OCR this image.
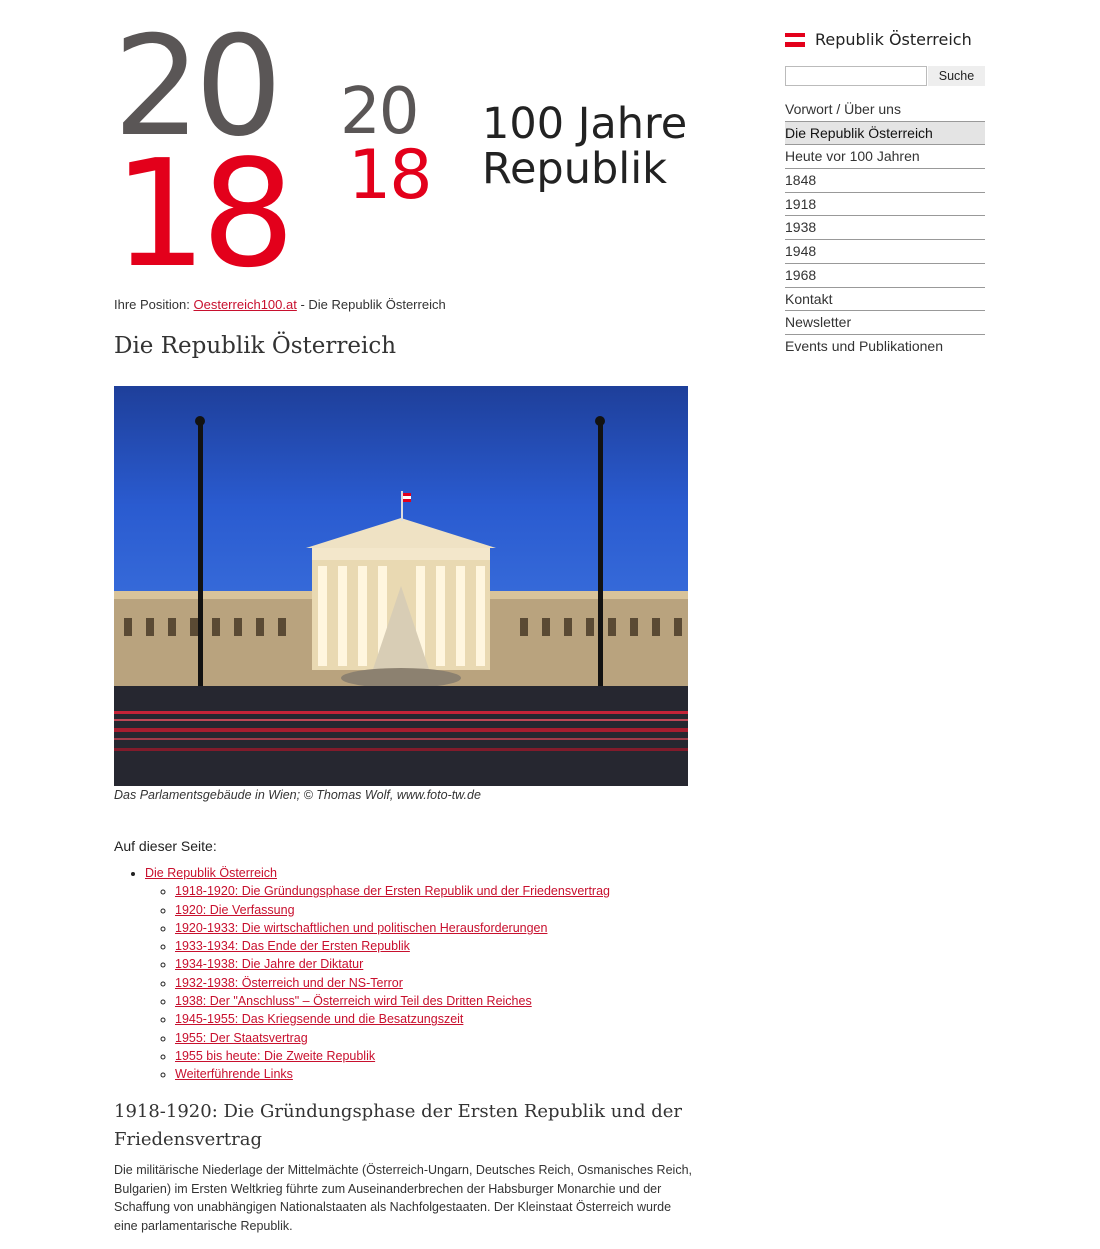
20
18
20
18
100 Jahre
Republik
Ihre Position: Oesterreich100.at - Die Republik Österreich
Die Republik Österreich
Das Parlamentsgebäude in Wien; © Thomas Wolf, www.foto-tw.de
Auf dieser Seite:
• Die Republik Österreich
◦ 1918-1920: Die Gründungsphase der Ersten Republik und der Friedensvertrag
◦ 1920: Die Verfassung
◦ 1920-1933: Die wirtschaftlichen und politischen Herausforderungen
◦ 1933-1934: Das Ende der Ersten Republik
◦ 1934-1938: Die Jahre der Diktatur
◦ 1932-1938: Österreich und der NS-Terror
◦ 1938: Der "Anschluss" – Österreich wird Teil des Dritten Reiches
◦ 1945-1955: Das Kriegsende und die Besatzungszeit
◦ 1955: Der Staatsvertrag
◦ 1955 bis heute: Die Zweite Republik
◦ Weiterführende Links
1918-1920: Die Gründungsphase der Ersten Republik und der Friedensvertrag

Die militärische Niederlage der Mittelmächte (Österreich-Ungarn, Deutsches Reich, Osmanisches Reich, Bulgarien) im Ersten Weltkrieg führte zum Auseinanderbrechen der Habsburger Monarchie und der Schaffung von unabhängigen Nationalstaaten als Nachfolgestaaten. Der Kleinstaat Österreich wurde eine parlamentarische Republik.

Republik Österreich
Suche
Vorwort / Über uns
Die Republik Österreich
Heute vor 100 Jahren
1848
1918
1938
1948
1968
Kontakt
Newsletter
Events und Publikationen
